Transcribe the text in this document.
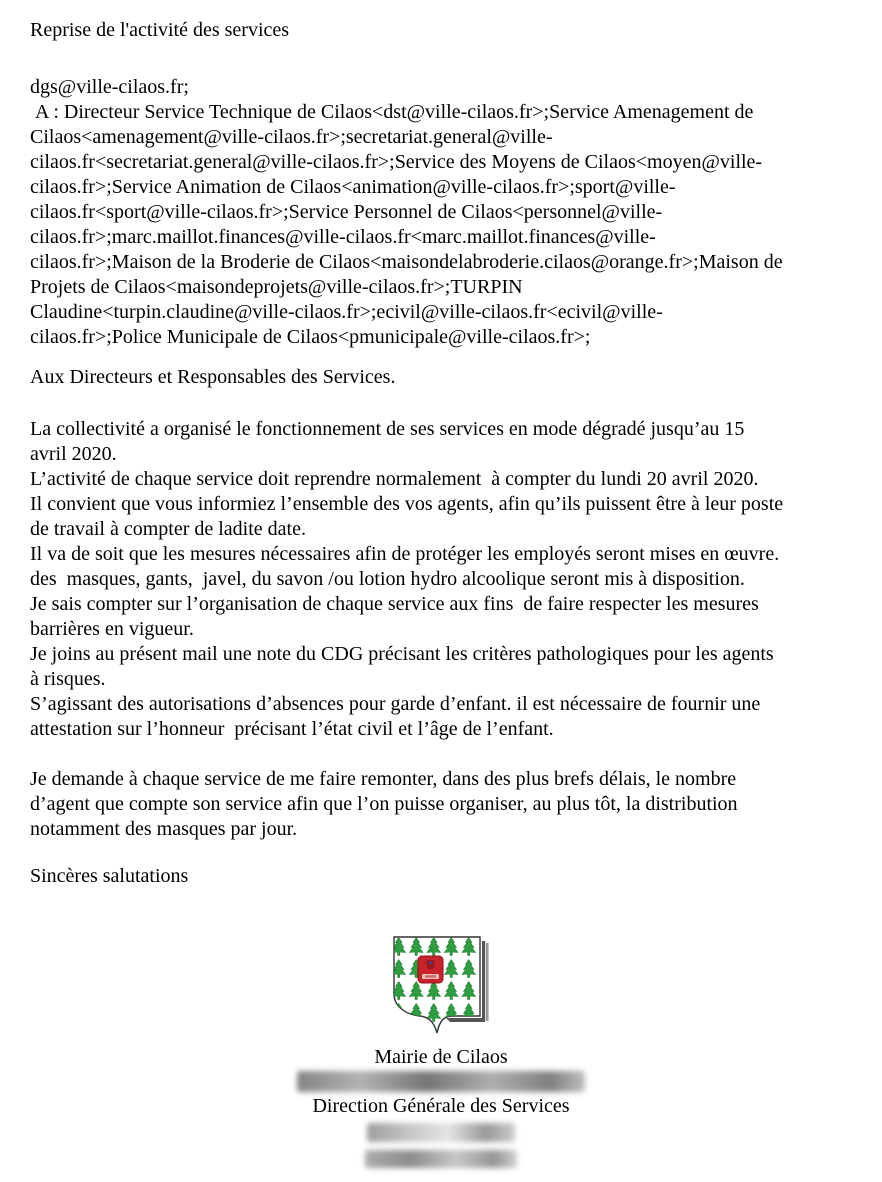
Reprise de l'activité des services
dgs@ville-cilaos.fr;
A : Directeur Service Technique de Cilaos<dst@ville-cilaos.fr>;Service Amenagement de
Cilaos<amenagement@ville-cilaos.fr>;secretariat.general@ville-
cilaos.fr<secretariat.general@ville-cilaos.fr>;Service des Moyens de Cilaos<moyen@ville-
cilaos.fr>;Service Animation de Cilaos<animation@ville-cilaos.fr>;sport@ville-
cilaos.fr<sport@ville-cilaos.fr>;Service Personnel de Cilaos<personnel@ville-
cilaos.fr>;marc.maillot.finances@ville-cilaos.fr<marc.maillot.finances@ville-
cilaos.fr>;Maison de la Broderie de Cilaos<maisondelabroderie.cilaos@orange.fr>;Maison de
Projets de Cilaos<maisondeprojets@ville-cilaos.fr>;TURPIN
Claudine<turpin.claudine@ville-cilaos.fr>;ecivil@ville-cilaos.fr<ecivil@ville-
cilaos.fr>;Police Municipale de Cilaos<pmunicipale@ville-cilaos.fr>;
Aux Directeurs et Responsables des Services.
La collectivité a organisé le fonctionnement de ses services en mode dégradé jusqu’au 15
avril 2020.
L’activité de chaque service doit reprendre normalement  à compter du lundi 20 avril 2020.
Il convient que vous informiez l’ensemble des vos agents, afin qu’ils puissent être à leur poste
de travail à compter de ladite date.
Il va de soit que les mesures nécessaires afin de protéger les employés seront mises en œuvre.
des  masques, gants,  javel, du savon /ou lotion hydro alcoolique seront mis à disposition.
Je sais compter sur l’organisation de chaque service aux fins  de faire respecter les mesures
barrières en vigueur.
Je joins au présent mail une note du CDG précisant les critères pathologiques pour les agents
à risques.
S’agissant des autorisations d’absences pour garde d’enfant. il est nécessaire de fournir une
attestation sur l’honneur  précisant l’état civil et l’âge de l’enfant.
Je demande à chaque service de me faire remonter, dans des plus brefs délais, le nombre
d’agent que compte son service afin que l’on puisse organiser, au plus tôt, la distribution
notamment des masques par jour.
Sincères salutations
Mairie de Cilaos
Direction Générale des Services
